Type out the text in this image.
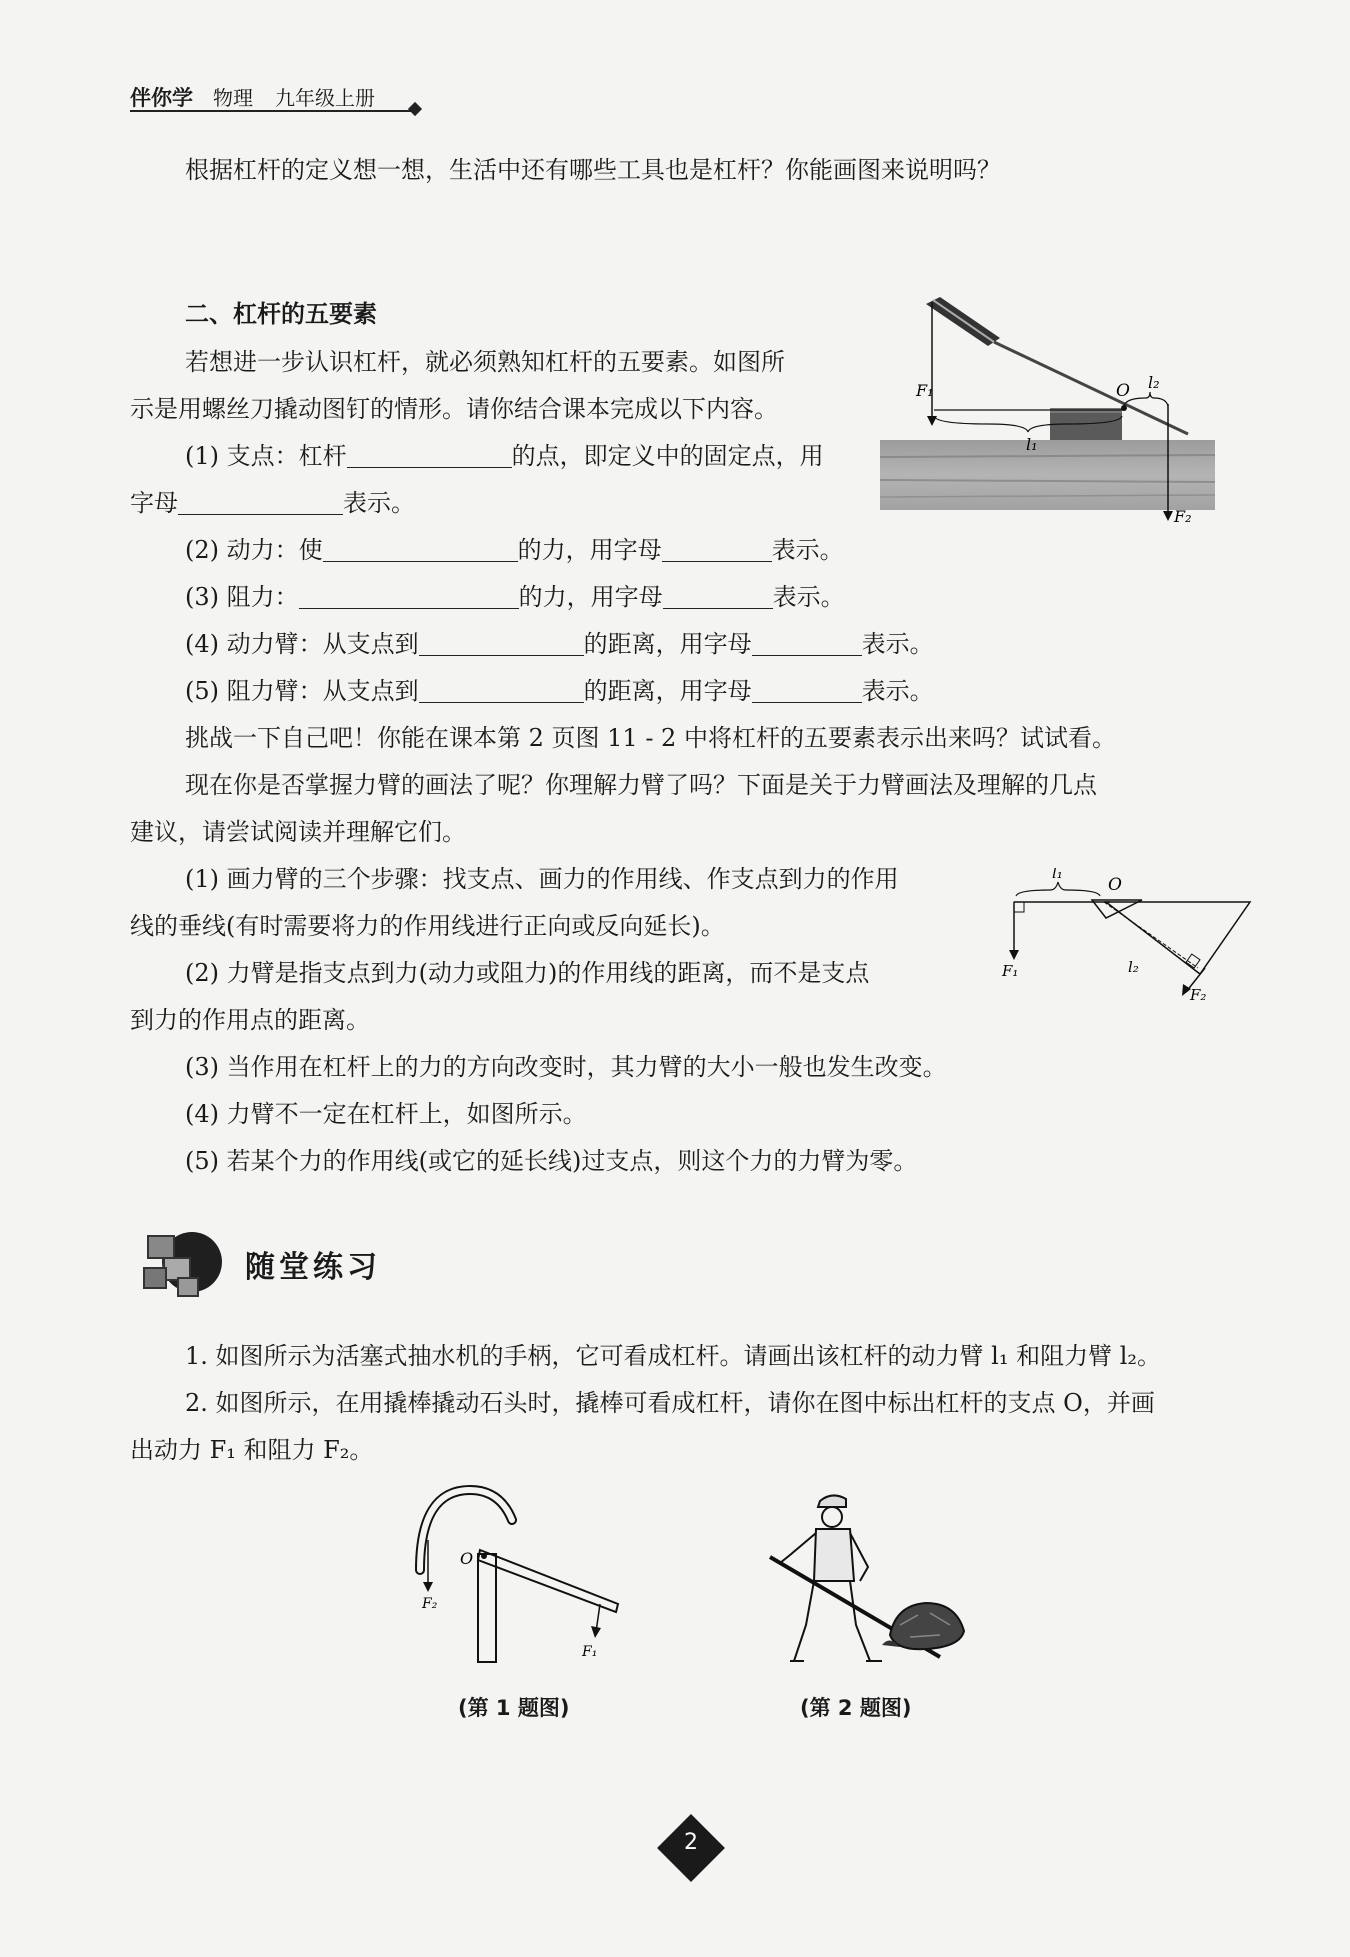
伴你学 物理 九年级上册
根据杠杆的定义想一想，生活中还有哪些工具也是杠杆？你能画图来说明吗？
二、杠杆的五要素
若想进一步认识杠杆，就必须熟知杠杆的五要素。如图所
示是用螺丝刀撬动图钉的情形。请你结合课本完成以下内容。
(1) 支点：杠杆	的点，即定义中的固定点，用
字母	表示。
(2) 动力：使	的力，用字母	表示。
(3) 阻力：	的力，用字母	表示。
(4) 动力臂：从支点到	的距离，用字母	表示。
(5) 阻力臂：从支点到	的距离，用字母	表示。
挑战一下自己吧！你能在课本第 2 页图 11 - 2 中将杠杆的五要素表示出来吗？试试看。
现在你是否掌握力臂的画法了呢？你理解力臂了吗？下面是关于力臂画法及理解的几点
建议，请尝试阅读并理解它们。
(1) 画力臂的三个步骤：找支点、画力的作用线、作支点到力的作用
线的垂线(有时需要将力的作用线进行正向或反向延长)。
(2) 力臂是指支点到力(动力或阻力)的作用线的距离，而不是支点
到力的作用点的距离。
(3) 当作用在杠杆上的力的方向改变时，其力臂的大小一般也发生改变。
(4) 力臂不一定在杠杆上，如图所示。
(5) 若某个力的作用线(或它的延长线)过支点，则这个力的力臂为零。
F₁
F₂
l₁
l₂
O
F₁
l₁
O
F₂
l₂
随堂练习
1. 如图所示为活塞式抽水机的手柄，它可看成杠杆。请画出该杠杆的动力臂 l₁ 和阻力臂 l₂。
2. 如图所示，在用撬棒撬动石头时，撬棒可看成杠杆，请你在图中标出杠杆的支点 O，并画
出动力 F₁ 和阻力 F₂。
O
F₂
F₁
(第 1 题图)	(第 2 题图)
2
